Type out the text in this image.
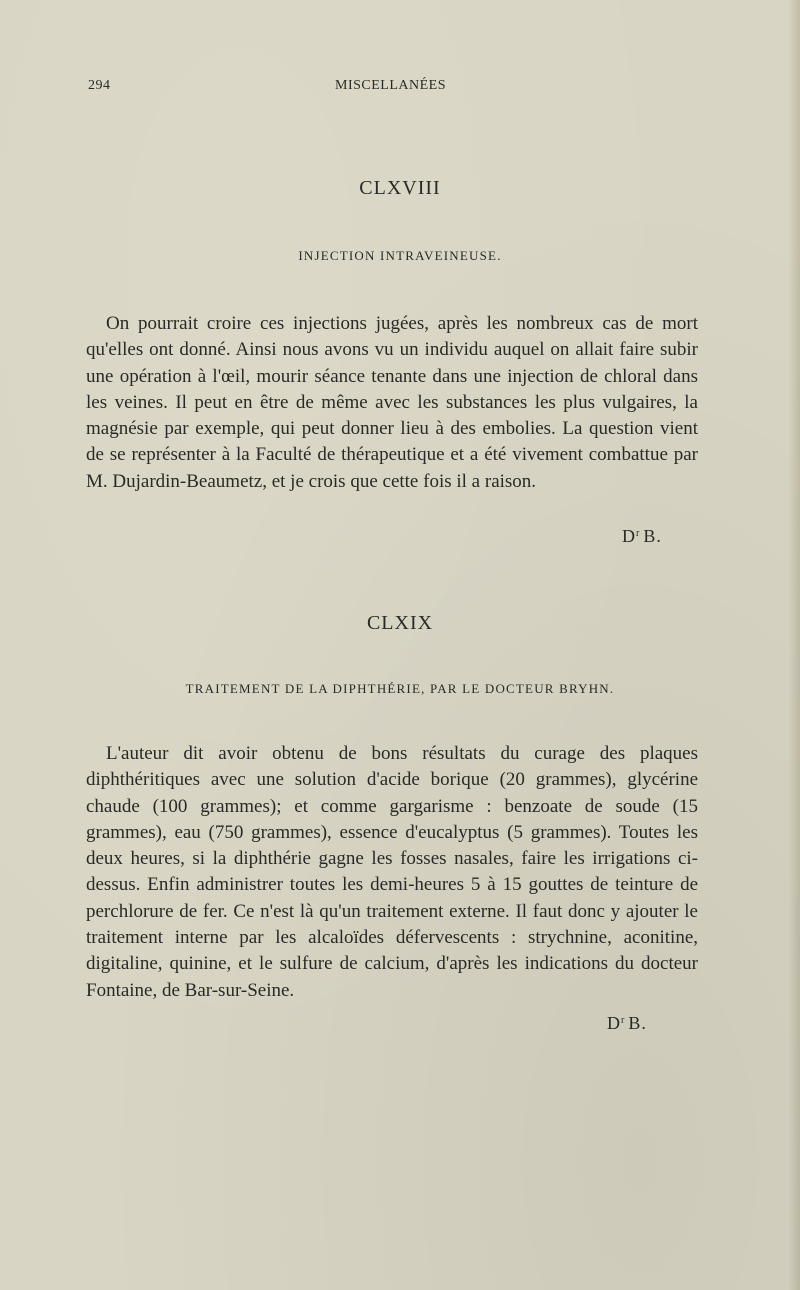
294	MISCELLANÉES
CLXVIII
INJECTION INTRAVEINEUSE.
On pourrait croire ces injections jugées, après les nombreux cas de mort qu'elles ont donné. Ainsi nous avons vu un individu auquel on allait faire subir une opération à l'œil, mourir séance tenante dans une injection de chloral dans les veines. Il peut en être de même avec les substances les plus vulgaires, la magnésie par exemple, qui peut donner lieu à des embolies. La question vient de se représenter à la Faculté de thérapeutique et a été vivement combattue par M. Dujardin-Beaumetz, et je crois que cette fois il a raison.
$D^r$ B.
CLXIX
TRAITEMENT DE LA DIPHTHÉRIE, PAR LE DOCTEUR BRYHN.
L'auteur dit avoir obtenu de bons résultats du curage des plaques diphthéritiques avec une solution d'acide borique (20 grammes), glycérine chaude (100 grammes); et comme gargarisme : benzoate de soude (15 grammes), eau (750 grammes), essence d'eucalyptus (5 grammes). Toutes les deux heures, si la diphthérie gagne les fosses nasales, faire les irrigations ci-dessus. Enfin administrer toutes les demi-heures 5 à 15 gouttes de teinture de perchlorure de fer. Ce n'est là qu'un traitement externe. Il faut donc y ajouter le traitement interne par les alcaloïdes défervescents : strychnine, aconitine, digitaline, quinine, et le sulfure de calcium, d'après les indications du docteur Fontaine, de Bar-sur-Seine.
$D^r$ B.
